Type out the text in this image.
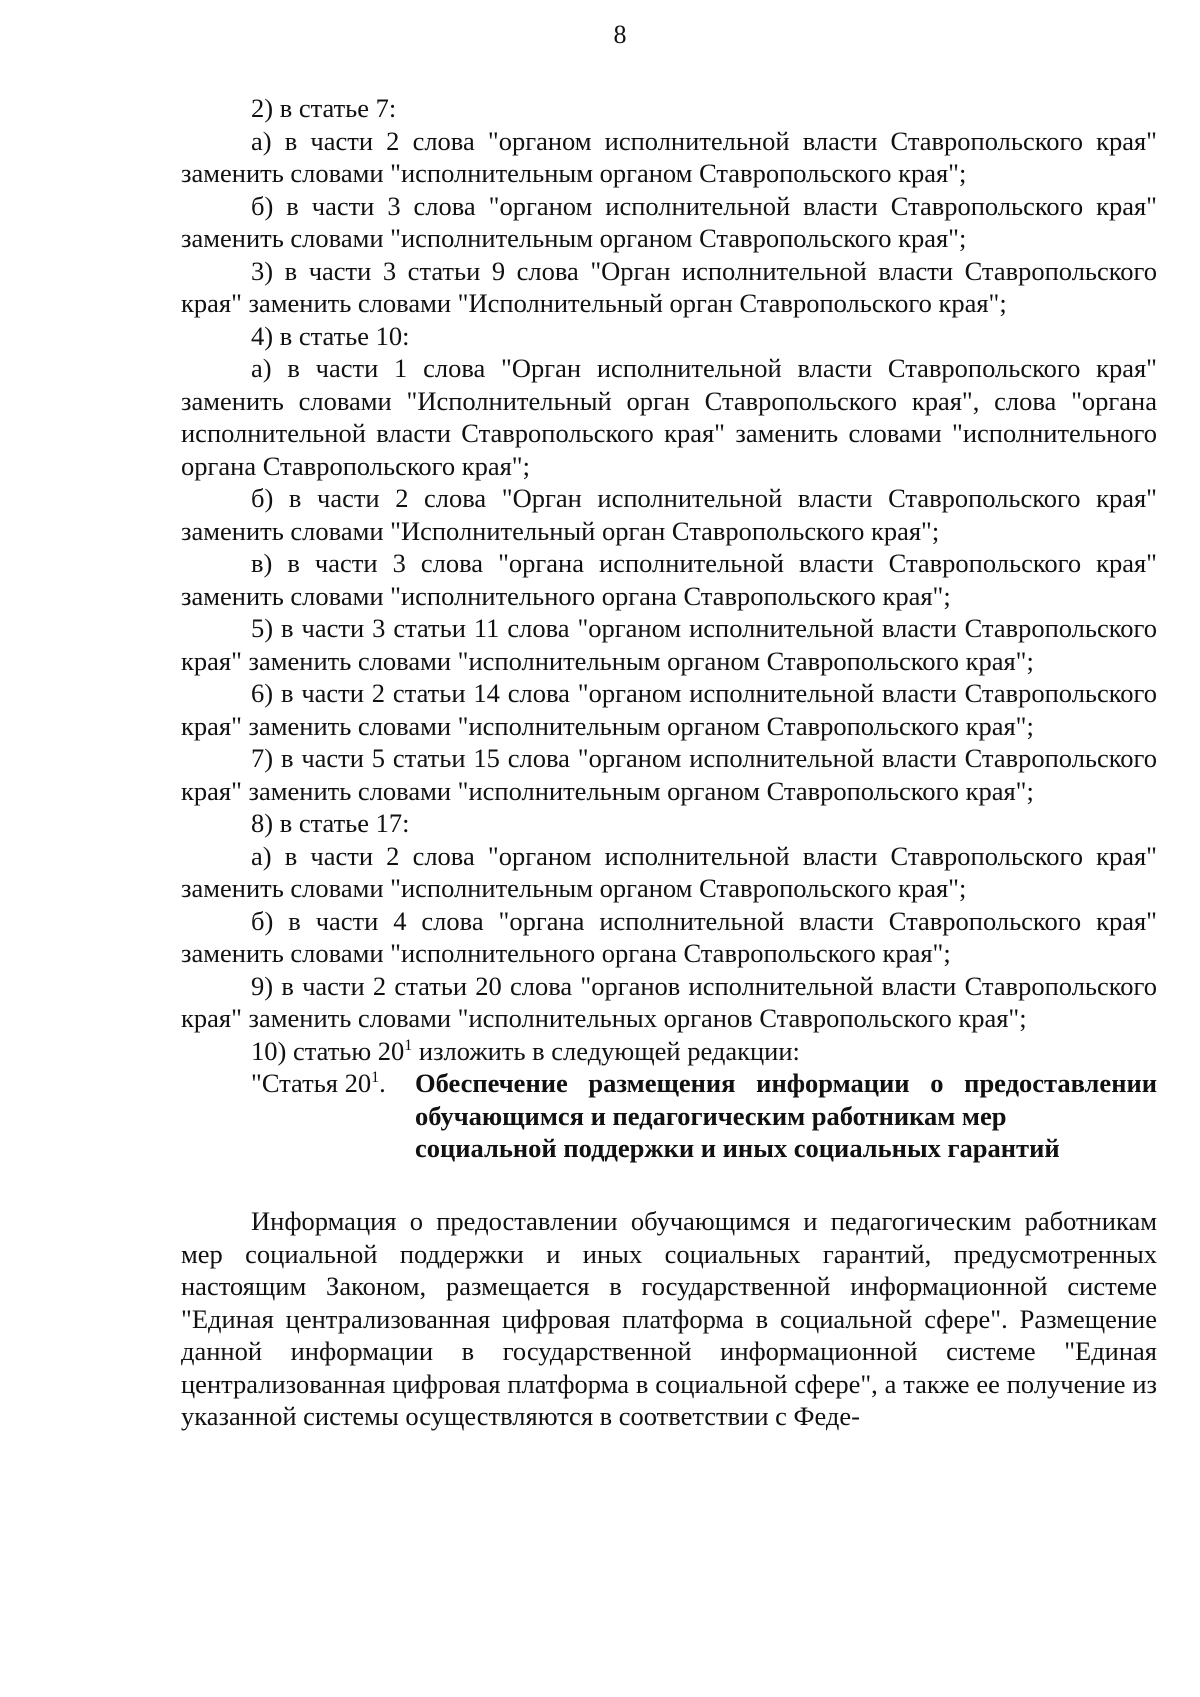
8

2) в статье 7:

а) в части 2 слова "органом исполнительной власти Ставропольского края" заменить словами "исполнительным органом Ставропольского края";

б) в части 3 слова "органом исполнительной власти Ставропольского края" заменить словами "исполнительным органом Ставропольского края";

3) в части 3 статьи 9 слова "Орган исполнительной власти Ставропольского края" заменить словами "Исполнительный орган Ставропольского края";

4) в статье 10:

а) в части 1 слова "Орган исполнительной власти Ставропольского края" заменить словами "Исполнительный орган Ставропольского края", слова "органа исполнительной власти Ставропольского края" заменить словами "исполнительного органа Ставропольского края";

б) в части 2 слова "Орган исполнительной власти Ставропольского края" заменить словами "Исполнительный орган Ставропольского края";

в) в части 3 слова "органа исполнительной власти Ставропольского края" заменить словами "исполнительного органа Ставропольского края";

5) в части 3 статьи 11 слова "органом исполнительной власти Ставропольского края" заменить словами "исполнительным органом Ставропольского края";

6) в части 2 статьи 14 слова "органом исполнительной власти Ставропольского края" заменить словами "исполнительным органом Ставропольского края";

7) в части 5 статьи 15 слова "органом исполнительной власти Ставропольского края" заменить словами "исполнительным органом Ставропольского края";

8) в статье 17:

а) в части 2 слова "органом исполнительной власти Ставропольского края" заменить словами "исполнительным органом Ставропольского края";

б) в части 4 слова "органа исполнительной власти Ставропольского края" заменить словами "исполнительного органа Ставропольского края";

9) в части 2 статьи 20 слова "органов исполнительной власти Ставропольского края" заменить словами "исполнительных органов Ставропольского края";

10) статью $20^1$ изложить в следующей редакции:

"Статья $20^1$. Обеспечение размещения информации о предоставлении
обучающимся и педагогическим работникам мер
социальной поддержки и иных социальных гарантий

Информация о предоставлении обучающимся и педагогическим работникам мер социальной поддержки и иных социальных гарантий, предусмотренных настоящим Законом, размещается в государственной информационной системе "Единая централизованная цифровая платформа в социальной сфере". Размещение данной информации в государственной информационной системе "Единая централизованная цифровая платформа в социальной сфере", а также ее получение из указанной системы осуществляются в соответствии с Феде-
